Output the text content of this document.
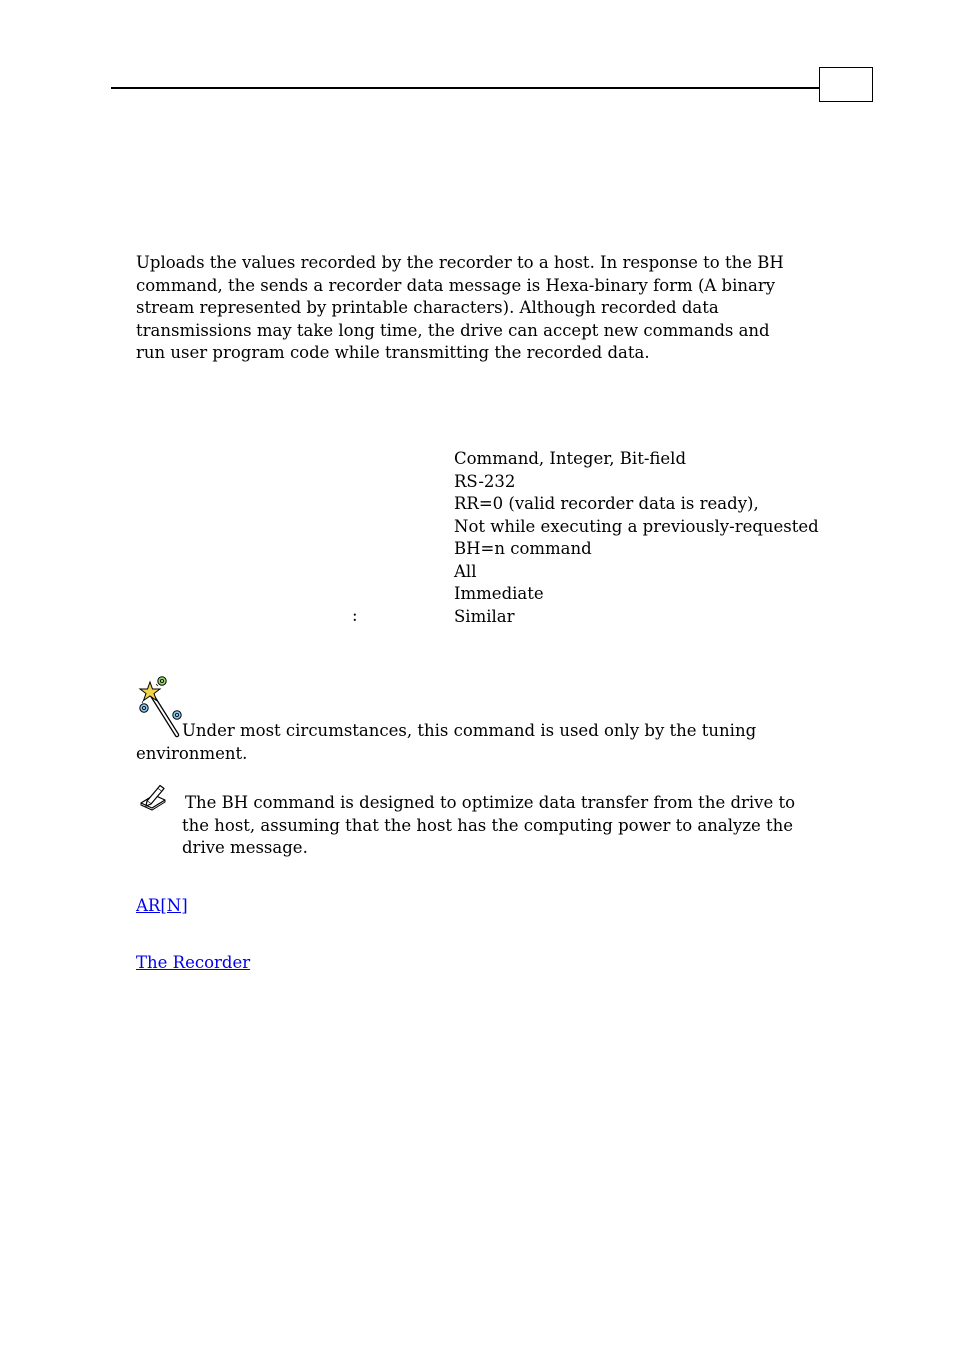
Uploads the values recorded by the recorder to a host. In response to the BH command, the sends a recorder data message is Hexa-binary form (A binary stream represented by printable characters). Although recorded data transmissions may take long time, the drive can accept new commands and run user program code while transmitting the recorded data.

Command, Integer, Bit-field
RS-232
RR=0 (valid recorder data is ready),
Not while executing a previously-requested
BH=n command
All
Immediate
Similar
:

Under most circumstances, this command is used only by the tuning environment.

The BH command is designed to optimize data transfer from the drive to the host, assuming that the host has the computing power to analyze the drive message.

AR[N]
The Recorder
